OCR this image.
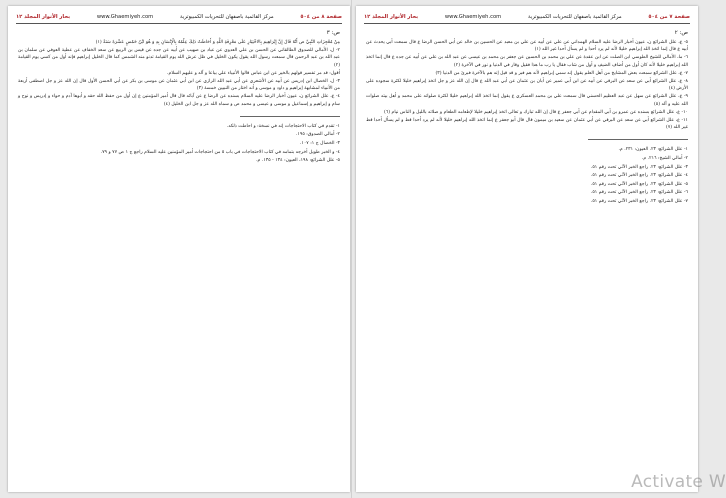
صفحة ٨ من ٥٠٤
مركز القائمية باصفهان للتحريات الكمبيوترية
www.Ghaemiyeh.com
بحار الأنوار المجلد ١٢
ص: ٣

مِنْ مُعْجِزَاتِ النَّبِيِّ ص أَنَّهُ قَالَ إِنَّ إِبْرَاهِيمَ بِالاخْتِبَارِ عَلَى مَعْرِفَةِ اللَّهِ وَ أَحَاطَتْ ذَلِكَ عِلْمُهُ بِالْإِنْسَانِ بِهِ وَ هُوَ ابْنُ خَمْسٍ عَشْرَةَ سَنَةً (١)

٢- ل، الأمالي للصدوق الطالقاني عن الحسن بن علي العدوي عن عباد بن صهيب عن أبيه عن جده عن قيس بن الربيع عن سعد الخفاف عن عطية العوفي عن سلمان بن عبد الله بن عبد الرحمن قال سمعت رسول الله يقول يكون الخليل في ظل عرش الله يوم القيامة تدنو منه الشمس كما قال الخليل إبراهيم فإنه أول من كسي يوم القيامة (٢)

أقول: قد مر تفسير قولهم بالخير عن ابن عباس قالوا الأنبياء علي بياعا و آله و عليهم السلام.

٣- ل، الخصال ابن إدريس عن أبيه عن الأشعري عن أبي عبد الله الرازي عن ابن أبي عثمان عن موسى بن بكر عن أبي الحسن الأول قال إن الله عز و جل اصطفى أربعة من الأنبياء لمشابهة إبراهيم و داود و موسى و أنه اختار من النبيين خمسة (٣)

٤- ع، علل الشرائع ن، عيون أخبار الرضا عليه السلام بسنده عن الرضا ع عن آبائه قال قال أمير المؤمنين ع إن أول من حفظ الله حقه و أبوها آدم و حواء و إدريس و نوح و سام و إبراهيم و إسماعيل و موسى و عيسى و محمد ص و سماه الله عز و جل ابن الخليل (٤)

١- تقدم في كتاب الاحتجاجات إنه في نسخة: و احاطت ذلكه.

٢- أمالي الصدوق: ١٩٥.

٣- الخصال ج ١: ١٠٧.

٤- و الخبر طويل أخرجه بتمامه في كتاب الاحتجاجات في باب ٥ من احتجاجات أمير المؤمنين عليه السلام راجع ج ١ ص ٧٧ و ٧٩.

٥- علل الشرائع: ١٩٨، العيون: ١٣٤ - ١٣٥. م.

صفحة ٧ من ٥٠٤
مركز القائمية باصفهان للتحريات الكمبيوترية
www.Ghaemiyeh.com
بحار الأنوار المجلد ١٢
ص: ٢

٥- ع، علل الشرائع ن، عيون أخبار الرضا عليه السلام الهمداني عن علي عن أبيه عن علي بن معبد عن الحسين بن خالد عن أبي الحسن الرضا ع قال سمعت أبي يحدث عن أبيه ع قال إنما اتخذ الله إبراهيم خليلا لأنه لم يرد أحدا و لم يسأل أحدا غير الله (١)

٦- ما، الأمالي للشيخ الطوسي ابن الصلت عن ابن عقدة عن علي بن محمد بن الحسين عن جعفر بن محمد بن عيسى عن عبد الله بن علي عن أبيه عن جده ع قال إنما اتخذ الله إبراهيم خليلا لأنه كان أول من أضاف الضيف و أول من شاب فقال يا رب ما هذا فقيل وقار في الدنيا و نور في الآخرة (٢)

٧- ع، علل الشرائع سمعت بعض المشايخ من أهل العلم يقول إنه سمي إبراهيم لأنه هم فبر و قد قيل إنه هم بالآخرة فبرئ من الدنيا (٣)

٨- ع، علل الشرائع أبي عن سعد عن البرقي عن أبيه عن ابن أبي عمير عن أبان بن عثمان عن أبي عبد الله ع قال إن الله عز و جل اتخذ إبراهيم خليلا لكثرة سجوده على الأرض (٤)

٩- ع، علل الشرائع عن سهل عن عبد العظيم الحسني قال سمعت علي بن محمد العسكري ع يقول إنما اتخذ الله إبراهيم خليلا لكثرة صلواته على محمد و أهل بيته صلوات الله عليه و آله (٥)

١٠- ع، علل الشرائع بسنده عن عمرو بن أبي المقدام عن أبي جعفر ع قال إن الله تبارك و تعالى اتخذ إبراهيم خليلا لإطعامه الطعام و صلاته بالليل و الناس نيام (٦)

١١- ع، علل الشرائع أبي عن سعد عن البرقي عن أبي عثمان عن سعيد بن ميمون قال قال أبو جعفر ع إنما اتخذ الله إبراهيم خليلا لأنه لم يرد أحدا قط و لم يسأل أحدا قط غير الله (٧)

١- علل الشرائع: ٢٣. العيون: ٢٣١. م.

٢- أمالي الشيخ: ٢١٦. م.

٣- علل الشرائع: ٢٣. راجع الخبر الآتي تحت رقم ٥١.

٤- علل الشرائع: ٢٣. راجع الخبر الآتي تحت رقم ٥١.

٥- علل الشرائع: ٢٣. راجع الخبر الآتي تحت رقم ٥١.

٦- علل الشرائع: ٢٣. راجع الخبر الآتي تحت رقم ٥١.

٧- علل الشرائع: ٢٣. راجع الخبر الآتي تحت رقم ٥١.

Activate W
